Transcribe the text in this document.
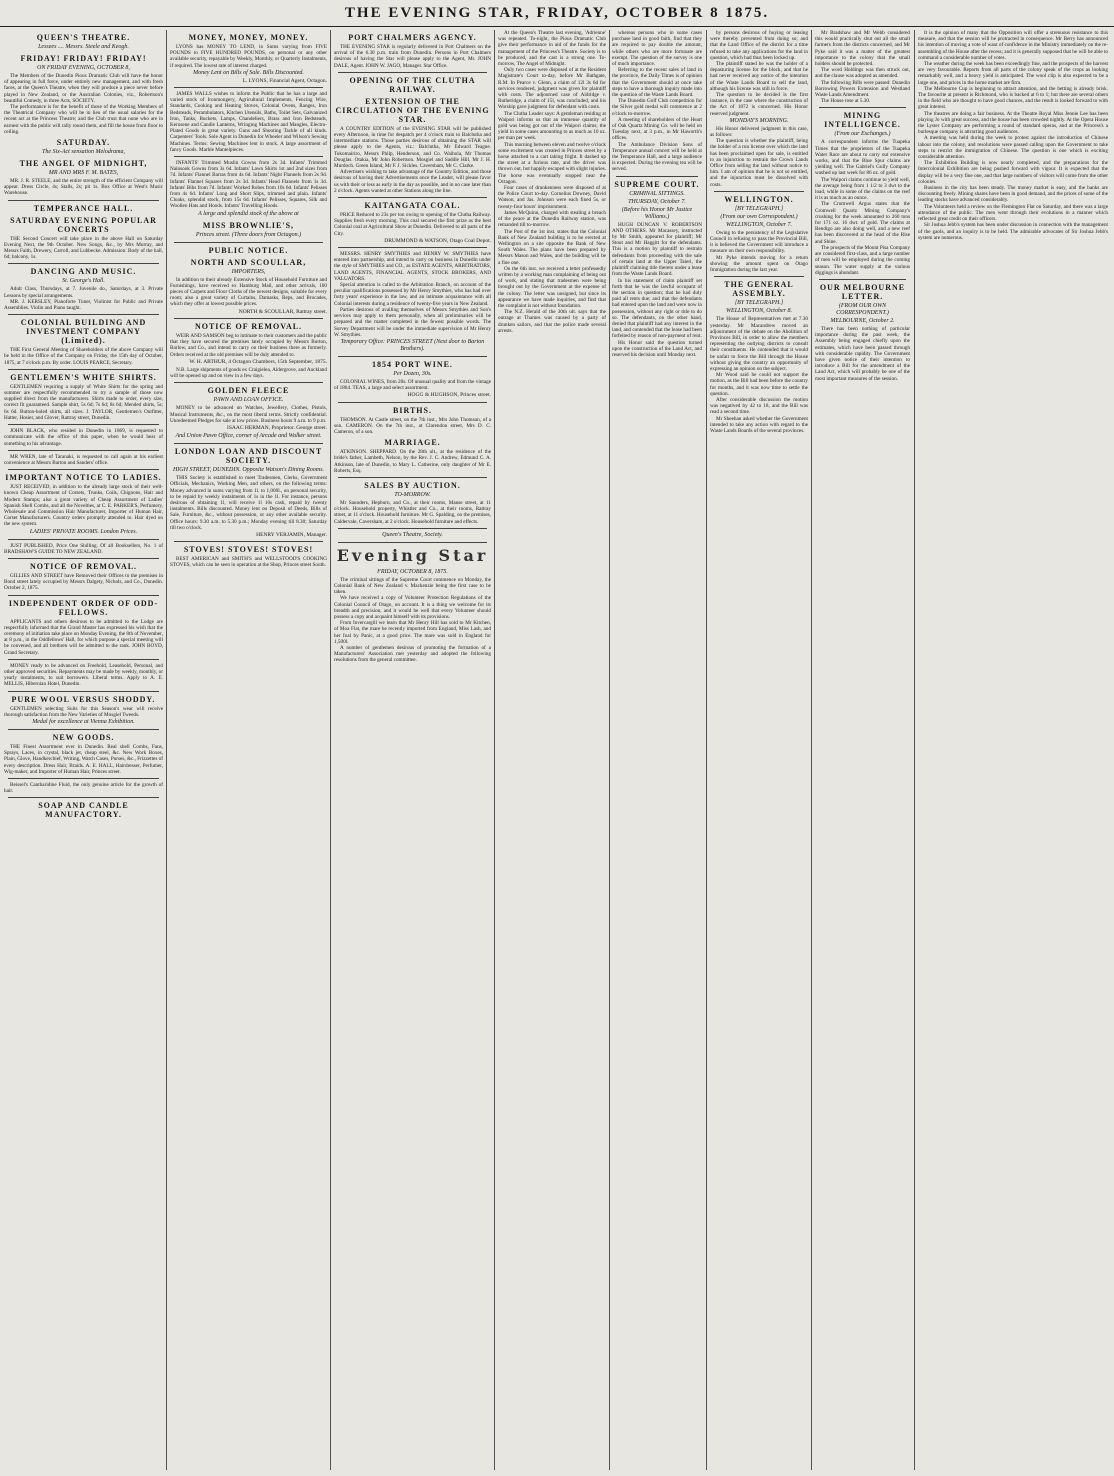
THE EVENING STAR, FRIDAY, OCTOBER 8 1875.
QUEEN'S THEATRE.
Lessees .... Messrs. Steele and Keogh.
FRIDAY! FRIDAY! FRIDAY!
ON FRIDAY EVENING, OCTOBER 8,
The Members of the Dunedin Pious Dramatic Club will have the honor of appearing in full force, under entirely new management, and with fresh faces, at the Queen's Theatre, when they will produce a piece never before played in New Zealand, or the Australian Colonies, viz., Robertson's beautiful Comedy, in three Acts, SOCIETY.
The performance is for the benefit of those of the Working Members of the Theatrical Company who will be in lieu of the usual salaries for the recent act at the Princess Theatre; and the Club trust that none who are in earnest with the public will rally round them, and fill the house from floor to ceiling.
SATURDAY.
The Six-Act sensation Melodrama,
THE ANGEL OF MIDNIGHT,
MR AND MRS F. M. BATES,
MR. J. R. STEELE, and the entire strength of the efficient Company will appear. Dress Circle, 4s; Stalls, 2s; pit 1s. Box Office at West's Music Warehouse.
TEMPERANCE HALL.
SATURDAY EVENING POPULAR CONCERTS
THE Second Concert will take place in the above Hall on Saturday Evening Next, the 9th October. New Songs, &c., by Mrs Murray, and Messrs Faith, Drewery, Carroll, and Lubbecke. Admission: Body of the hall, 6d; balcony, 1s.
DANCING AND MUSIC.
St. George's Hall.
Adult Class, Thursdays, at 7. Juvenile do., Saturdays, at 3. Private Lessons by special arrangements.
MR. J. KERSLEY, Pianoforte Tuner, Violinist for Public and Private Assemblies. Violin and Piano taught.
COLONIAL BUILDING AND INVESTMENT COMPANY (Limited).
THE First General Meeting of Shareholders of the above Company will be held in the Office of the Company on Friday, the 15th day of October, 1875, at 7 o'clock p.m. By order. LOUIS PEARCE, Secretary.
GENTLEMEN'S WHITE SHIRTS.
GENTLEMEN requiring a supply of White Shirts for the spring and summer are respectfully recommended to try a sample of those now supplied direct from the manufacturers. Shirts made to order, every size, correct fit guaranteed. Sample shirt, 5s 6d; 7s 6d; 8s 6d; Mended shirts, 5s; 6s 6d. Button-holed shirts, all sizes. J. TAYLOR, Gentlemen's Outfitter, Hatter, Hosier, and Glover, Rattray street, Dunedin.
JOHN BLACK, who resided in Dunedin in 1869, is requested to communicate with the office of this paper, when he would hear of something to his advantage.
MR WREN, late of Taranaki, is requested to call again at his earliest convenience at Messrs Barton and Sanders' office.
IMPORTANT NOTICE TO LADIES.
JUST RECEIVED, in addition to the already large stock of their well-known Cheap Assortment of Corsets, Trunks, Coils, Chignons, Hair and Modern Stamps; also a great variety of Cheap Assortment of Ladies' Spanish Shell Combs, and all the Novelties, at C. E. PARKER'S, Perfumery, Wholesale and Commission Hair Manufacturer, Importer of Human Hair, Corset Manufacturers. Country orders promptly attended to. Hair dyed on the new system.
LADIES' PRIVATE ROOMS. London Prices.
JUST PUBLISHED, Price One Shilling. Of all Booksellers, No. 1 of BRADSHAW'S GUIDE TO NEW ZEALAND.
NOTICE OF REMOVAL.
GILLIES AND STREET have Removed their Offices to the premises in Bond street lately occupied by Messrs Dalgety, Nichols, and Co., Dunedin. October 2, 1875.
INDEPENDENT ORDER OF ODD-FELLOWS.
APPLICANTS and others desirous to be admitted to the Lodge are respectfully informed that the Grand Master has expressed his wish that the ceremony of initiation take place on Monday Evening, the 8th of November, at 8 p.m., in the Oddfellows' Hall, for which purpose a special meeting will be convened, and all brethren will be admitted to the rank. JOHN BOYD, Grand Secretary.
MONEY ready to be advanced on Freehold, Leasehold, Personal, and other approved securities. Repayments may be made by weekly, monthly, or yearly instalments, to suit borrowers. Liberal terms. Apply to A. E. MELLIS, Hibernian Hotel, Dunedin.
PURE WOOL VERSUS SHODDY.
GENTLEMEN selecting Suits for this Season's wear will receive thorough satisfaction from the New Varieties of Mosgiel Tweeds.
Medal for excellence at Vienna Exhibition.
NEW GOODS.
THE Finest Assortment ever in Dunedin. Real shell Combs, Fans, Sprays, Laces, in crystal, black jet, cheap steel, &c. New Work Boxes, Plain, Glove, Handkerchief, Writing, Watch Cases, Purses, &c., Frizzettes of every description. Dress Hair, Braids. A. E. HALL, Hairdresser, Perfumer, Wig-maker, and Importer of Human Hair, Princes street.
Beissel's Cantharidine Fluid, the only genuine article for the growth of hair.
SOAP AND CANDLE MANUFACTORY.
MONEY, MONEY, MONEY.
LYONS has MONEY TO LEND, in Sums varying from FIVE POUNDS to FIVE HUNDRED POUNDS, on personal or any other available security, repayable by Weekly, Monthly, or Quarterly Instalments, if required. The lowest rate of interest charged.
Money Lent on Bills of Sale. Bills Discounted.
L. LYONS, Financial Agent, Octagon.
JAMES WALLS wishes to inform the Public that he has a large and varied stock of Ironmongery, Agricultural Implements, Fencing Wire, Standards, Cooking and Heating Stoves, Colonial Ovens, Ranges, Iron Bedsteads, Perambulators, Kitchen Utensils, Baths, Toilet Sets, Galvanized Iron, Tanks, Buckets, Lamps, Chandeliers, Brass and Iron Bedsteads, Kerosene and Candle Lanterns, Wringing Machines and Mangles, Electro-Plated Goods in great variety. Guns and Shooting Tackle of all kinds. Carpenters' Tools. Sole Agent in Dunedin for Wheeler and Wilson's Sewing Machines. Terms: Sewing Machines lent in stock. A large assortment of fancy Goods. Marble Mantelpieces.
INFANTS' Trimmed Muslin Gowns from 2s 3d. Infants' Trimmed Nainsook Gowns from 3s 6d. Infants' Lawn Shirts 1st and 2nd sizes from 7d. Infants' Flannel Barras from 4s 6d. Infants' Night Flannels from 2s 9d. Infants' Flannel Squares from 2s 3d. Infants' Head Flannels from 1s 3d. Infants' Bibs from 7d. Infants' Worked Robes from 10s 6d. Infants' Pelisses from 4s 6d. Infants' Long and Short Slips, trimmed and plain. Infants' Cloaks, splendid stock, from 15s 6d. Infants' Pelisses, Squares, Silk and Woollen Hats and Hoods. Infants' Travelling Hoods.
A large and splendid stock of the above at
MISS BROWNLIE'S,
Princes street. (Three doors from Octagon.)
PUBLIC NOTICE.
NORTH AND SCOULLAR,
IMPORTERS,
In addition to their already Extensive Stock of Household Furniture and Furnishings, have received ex Hamburg Mail, and other arrivals, 100 pieces of Carpets and Floor Cloths of the newest designs, suitable for every room; also a great variety of Curtains, Damasks, Reps, and Brocades, which they offer at lowest possible prices.
NORTH & SCOULLAR, Rattray street.
NOTICE OF REMOVAL.
WEIR AND SAMSON beg to intimate to their customers and the public that they have secured the premises lately occupied by Messrs Burton, Barlow, and Co., and intend to carry on their business there as formerly. Orders received at the old premises will be duly attended to.
W. H. ARTHUR, 4 Octagon Chambers, 15th September, 1875.
N.B. Large shipments of goods ex Craigielea, Aldergrove, and Auckland will be opened up and on view in a few days.
GOLDEN FLEECE
PAWN AND LOAN OFFICE.
MONEY to be advanced on Watches, Jewellery, Clothes, Pistols, Musical Instruments, &c., on the most liberal terms. Strictly confidential. Unredeemed Pledges for sale at low prices. Business hours 9 a.m. to 9 p.m.
ISAAC HERMAN, Proprietor. George street.
And Union Pawn Office, corner of Arcade and Walker street.
LONDON LOAN AND DISCOUNT SOCIETY.
HIGH STREET, DUNEDIN. Opposite Watson's Dining Rooms.
THIS Society is established to meet Tradesmen, Clerks, Government Officials, Mechanics, Working Men, and others, on the following terms: Money advanced in sums varying from 1l. to 1,000l., on personal security, to be repaid by weekly instalments of 1s in the 1l. For instance, persons desirous of obtaining 1l, will receive 1l 10s cash, repaid by twenty instalments. Bills discounted. Money lent on Deposit of Deeds, Bills of Sale, Furniture, &c., without possession, or any other available security. Office hours: 9.30 a.m. to 5.30 p.m.; Monday evening till 8.30; Saturday till two o'clock.
HENRY VERJAMIN, Manager.
STOVES! STOVES! STOVES!
BEST AMERICAN and SMITH'S and WELLSTOOD'S COOKING STOVES, which can be seen in operation at the Shop, Princes street South.
PORT CHALMERS AGENCY.
THE EVENING STAR is regularly delivered in Port Chalmers on the arrival of the 6.30 p.m. train from Dunedin. Persons in Port Chalmers desirous of having the Star will please apply to the Agent, Mr. JOHN DALE, Agent. JOHN W. JAGO, Manager. Star Office.
OPENING OF THE CLUTHA RAILWAY.
EXTENSION OF THE CIRCULATION OF THE EVENING STAR.
A COUNTRY EDITION of the EVENING STAR will be published every Afternoon, in time for despatch per 4 o'clock train to Balclutha and intermediate stations. Those parties desirous of obtaining the STAR will please apply to the Agents, viz.: Balclutha, Mr Edward Teague. Tokomairiro, Messrs Philp, Henderson, and Co. Waihola, Mr Thomas Douglas. Otakia, Mr John Robertson. Mosgiel and Saddle Hill, Mr J. H. Murdoch. Green Island, Mr F. J. Sickles. Caversham, Mr C. Clarke.
Advertisers wishing to take advantage of the Country Edition, and those desirous of having their Advertisements once the Leader, will please favor us with their or less as early in the day as possible, and in no case later than 2 o'clock. Agents wanted at other Stations along the line.
KAITANGATA COAL.
PRICE Reduced to 23s per ton owing to opening of the Clutha Railway. Supplies fresh every morning. This coal secured the first prize as the best Colonial coal at Agricultural Show at Dunedin. Delivered to all parts of the City.
DRUMMOND & WATSON, Otago Coal Depot.
MESSRS. HENRY SMYTHIES and HENRY W. SMYTHIES have entered into partnership, and intend to carry on business in Dunedin under the style of SMYTHIES and CO., as ESTATE AGENTS, ARBITRATORS, LAND AGENTS, FINANCIAL AGENTS, STOCK BROKERS, AND VALUATORS.
Special attention is called to the Arbitration Branch, on account of the peculiar qualifications possessed by Mr Henry Smythies, who has had over forty years' experience in the law, and an intimate acquaintance with all Colonial interests during a residence of twenty-five years in New Zealand.
Parties desirous of availing themselves of Messrs Smythies and Son's services may apply to them personally, when all preliminaries will be prepared and the matter completed in the fewest possible words. The Survey Department will be under the immediate supervision of Mr Henry W. Smythies.
Temporary Office: PRINCES STREET (Next door to Barton Brothers).
1854 PORT WINE.
Per Dozen, 30s.
COLONIAL WINES, from 20s. Of unusual quality and from the vintage of 1864. TEAS, a large and select assortment.
HOGG & HUGHSON, Princes street.
BIRTHS.
THOMSON. At Castle street, on the 7th inst., Mrs John Thomson, of a son. CAMERON. On the 7th inst., at Clarendon street, Mrs D. C. Cameron, of a son.
MARRIAGE.
ATKINSON. SHEPPARD. On the 28th ult., at the residence of the bride's father, Lambeth, Nelson, by the Rev. J. C. Andrew, Edmund C. A. Atkinson, late of Dunedin, to Mary L. Catherine, only daughter of Mr E. Roberts, Esq.
SALES BY AUCTION.
TO-MORROW.
Mr Saunders, Hepburn, and Co., at their rooms, Manse street, at 11 o'clock. Household property, Whistler and Co., at their rooms, Rattray street, at 11 o'clock. Household furniture. Mr G. Spalding, on the premises, Caldervale, Caversham, at 2 o'clock. Household furniture and effects.
Queen's Theatre, Society.
Evening Star
FRIDAY, OCTOBER 8, 1875.
The criminal sittings of the Supreme Court commence on Monday, the Colonial Bank of New Zealand v. Mackenzie being the first case to be taken.
We have received a copy of Volunteer Protection Regulations of the Colonial Council of Otago, on account. It is a thing we welcome for its breadth and precision, and it would be well that every Volunteer should possess a copy and acquaint himself with its provisions.
From Invercargill we learn that Mr Henry Hill has sold to Mr Kitchen, of Moa Flat, the mare he recently imported from England, Miss Lash, and her foal by Panic, at a good price. The mare was sold in England for 1,500l.
A number of gentlemen desirous of promoting the formation of a Manufacturers' Association met yesterday and adopted the following resolutions from the general committee.
At the Queen's Theatre last evening, 'Adrienne' was repeated. To-night, the Pious Dramatic Club give their performance in aid of the funds for the management of the Princess's Theatre. Society is to be produced, and the cast is a strong one. To-morrow, The Angel of Midnight.
Only two cases were disposed of at the Resident Magistrate's Court to-day, before Mr Bathgate, R.M. In Pearce v. Glenn, a claim of 12l 3s 6d for services rendered, judgment was given for plaintiff with costs. The adjourned case of Aldridge v. Rutheridge, a claim of 15l, was concluded, and his Worship gave judgment for defendant with costs.
The Clutha Leader says: A gentleman residing at Waipori informs us that an immense quantity of gold was being got out of the Waipori claims; the yield in some cases amounting to as much as 10 oz. per man per week.
This morning between eleven and twelve o'clock some excitement was created in Princes street by a horse attached to a cart taking fright. It dashed up the street at a furious rate, and the driver was thrown out, but happily escaped with slight injuries. The horse was eventually stopped near the Octagon.
Four cases of drunkenness were disposed of at the Police Court to-day. Cornelius Downey, David Watson, and Jas. Johnson were each fined 5s, or twenty-four hours' imprisonment.
James McQuinn, charged with stealing a breach of the peace at the Dunedin Railway station, was remanded till to-morrow.
The Post of the 1st inst. states that the Colonial Bank of New Zealand building is to be erected at Wellington on a site opposite the Bank of New South Wales. The plans have been prepared by Messrs Mason and Wales, and the building will be a fine one.
On the 6th inst. we received a letter professedly written by a working man complaining of being out of work, and stating that tradesmen were being brought out by the Government at the expense of the colony. The letter was unsigned, but since its appearance we have made inquiries, and find that the complaint is not without foundation.
The N.Z. Herald of the 30th ult. says that the outrage at Thames was caused by a party of drunken sailors, and that the police made several arrests.
whereas persons who in some cases purchase land in good faith, find that they are required to pay double the amount, while others who are more fortunate are exempt. The question of the survey is one of much importance.
Referring to the recent sales of land in the province, the Daily Times is of opinion that the Government should at once take steps to have a thorough inquiry made into the question of the Waste Lands Board.
The Dunedin Golf Club competition for the Silver gold medal will commence at 2 o'clock to-morrow.
A meeting of shareholders of the Heart of Oak Quartz Mining Co. will be held on Tuesday next, at 3 p.m., in Mr Haworth's offices.
The Ambulance Division Sons of Temperance annual concert will be held at the Temperance Hall, and a large audience is expected. During the evening tea will be served.
SUPREME COURT.
CRIMINAL SITTINGS.
THURSDAY, October 7.
(Before his Honor Mr Justice Williams.)
HUGH DUNCAN V. ROBERTSON AND OTHERS. Mr Macassey, instructed by Mr Smith, appeared for plaintiff; Mr Stout and Mr Haggitt for the defendants. This is a motion by plaintiff to restrain defendants from proceeding with the sale of certain land at the Upper Taieri, the plaintiff claiming title thereto under a lease from the Waste Lands Board.
In his statement of claim plaintiff set forth that he was the lawful occupant of the section in question; that he had duly paid all rents due; and that the defendants had entered upon the land and were now in possession, without any right or title to do so. The defendants, on the other hand, denied that plaintiff had any interest in the land, and contended that the lease had been forfeited by reason of non-payment of rent.
His Honor said the question turned upon the construction of the Land Act, and reserved his decision until Monday next.
by persons desirous of buying or leasing were thereby prevented from doing so; and that the Land Office of the district for a time refused to take any applications for the land in question, which had thus been locked up.
The plaintiff stated he was the holder of a depasturing license for the block, and that he had never received any notice of the intention of the Waste Lands Board to sell the land, although his license was still in force.
The question to be decided is the first instance, in the case where the construction of the Act of 1872 is concerned. His Honor reserved judgment.
MONDAY'S MORNING.
His Honor delivered judgment in this case, as follows:
The question is whether the plaintiff, being the holder of a run license over which the land has been proclaimed open for sale, is entitled to an injunction to restrain the Crown Lands Office from selling the land without notice to him. I am of opinion that he is not so entitled, and the injunction must be dissolved with costs.
WELLINGTON.
[BY TELEGRAPH.]
(From our own Correspondent.)
WELLINGTON, October 7.
Owing to the persistency of the Legislative Council in refusing to pass the Provincial Bill, it is believed the Government will introduce a measure on their own responsibility.
Mr Pyke intends moving for a return showing the amount spent on Otago Immigration during the last year.
THE GENERAL ASSEMBLY.
[BY TELEGRAPH.]
WELLINGTON, October 8.
The House of Representatives met at 7.30 yesterday. Mr Macandrew moved an adjournment of the debate on the Abolition of Provinces Bill, in order to allow the members representing the outlying districts to consult their constituents. He contended that it would be unfair to force the Bill through the House without giving the country an opportunity of expressing an opinion on the subject.
Mr Wood said he could not support the motion, as the Bill had been before the country for months, and it was now time to settle the question.
After considerable discussion the motion was negatived by 42 to 18, and the Bill was read a second time.
Mr Sheehan asked whether the Government intended to take any action with regard to the Waste Lands Boards of the several provinces.
Mr Bradshaw and Mr Webb considered this would practically shut out all the small farmers from the districts concerned, and Mr Pyke said it was a matter of the greatest importance to the colony that the small holders should be protected.
The word Holdings was then struck out, and the clause was adopted as amended.
The following Bills were passed: Dunedin Borrowing Powers Extension and Westland Waste Lands Amendment.
The House rose at 5.30.
MINING INTELLIGENCE.
(From our Exchanges.)
A correspondent informs the Tuapeka Times that the proprietors of the Tuapeka Water Race are about to carry out extensive works, and that the Blue Spur claims are yielding well. The Gabriel's Gully Company washed up last week for 86 oz. of gold.
The Waipori claims continue to yield well, the average being from 1 1/2 to 3 dwt to the load, while in some of the claims on the reef it is as much as an ounce.
The Cromwell Argus states that the Cromwell Quartz Mining Company's crushing for the week amounted to 260 tons for 171 oz. 16 dwt. of gold. The claims at Bendigo are also doing well, and a new reef has been discovered at the head of the Rise and Shine.
The prospects of the Mount Pisa Company are considered first-class, and a large number of men will be employed during the coming season. The water supply at the various diggings is abundant.
OUR MELBOURNE LETTER.
(FROM OUR OWN CORRESPONDENT.)
MELBOURNE, October 2.
There has been nothing of particular importance during the past week, the Assembly being engaged chiefly upon the estimates, which have been passed through with considerable rapidity. The Government have given notice of their intention to introduce a Bill for the amendment of the Land Act, which will probably be one of the most important measures of the session.
It is the opinion of many that the Opposition will offer a strenuous resistance to this measure, and that the session will be protracted in consequence. Mr Berry has announced his intention of moving a vote of want of confidence in the Ministry immediately on the re-assembling of the House after the recess; and it is generally supposed that he will be able to command a considerable number of votes.
The weather during the week has been exceedingly fine, and the prospects of the harvest are very favourable. Reports from all parts of the colony speak of the crops as looking remarkably well, and a heavy yield is anticipated. The wool clip is also expected to be a large one, and prices in the home market are firm.
The Melbourne Cup is beginning to attract attention, and the betting is already brisk. The favourite at present is Richmond, who is backed at 6 to 1; but there are several others in the field who are thought to have good chances, and the result is looked forward to with great interest.
The theatres are doing a fair business. At the Theatre Royal Miss Jennie Lee has been playing Jo with great success, and the house has been crowded nightly. At the Opera House the Lyster Company are performing a round of standard operas, and at the Princess's a burlesque company is attracting good audiences.
A meeting was held during the week to protest against the introduction of Chinese labour into the colony, and resolutions were passed calling upon the Government to take steps to restrict the immigration of Chinese. The question is one which is exciting considerable attention.
The Exhibition Building is now nearly completed, and the preparations for the Intercolonial Exhibition are being pushed forward with vigour. It is expected that the display will be a very fine one, and that large numbers of visitors will come from the other colonies.
Business in the city has been steady. The money market is easy, and the banks are discounting freely. Mining shares have been in good demand, and the prices of some of the leading stocks have advanced considerably.
The Volunteers held a review on the Flemington Flat on Saturday, and there was a large attendance of the public. The men went through their evolutions in a manner which reflected great credit on their officers.
Sir Joshua Jebb's system has been under discussion in connection with the management of the gaols, and an inquiry is to be held. The admirable advocates of Sir Joshua Jebb's system are numerous.
